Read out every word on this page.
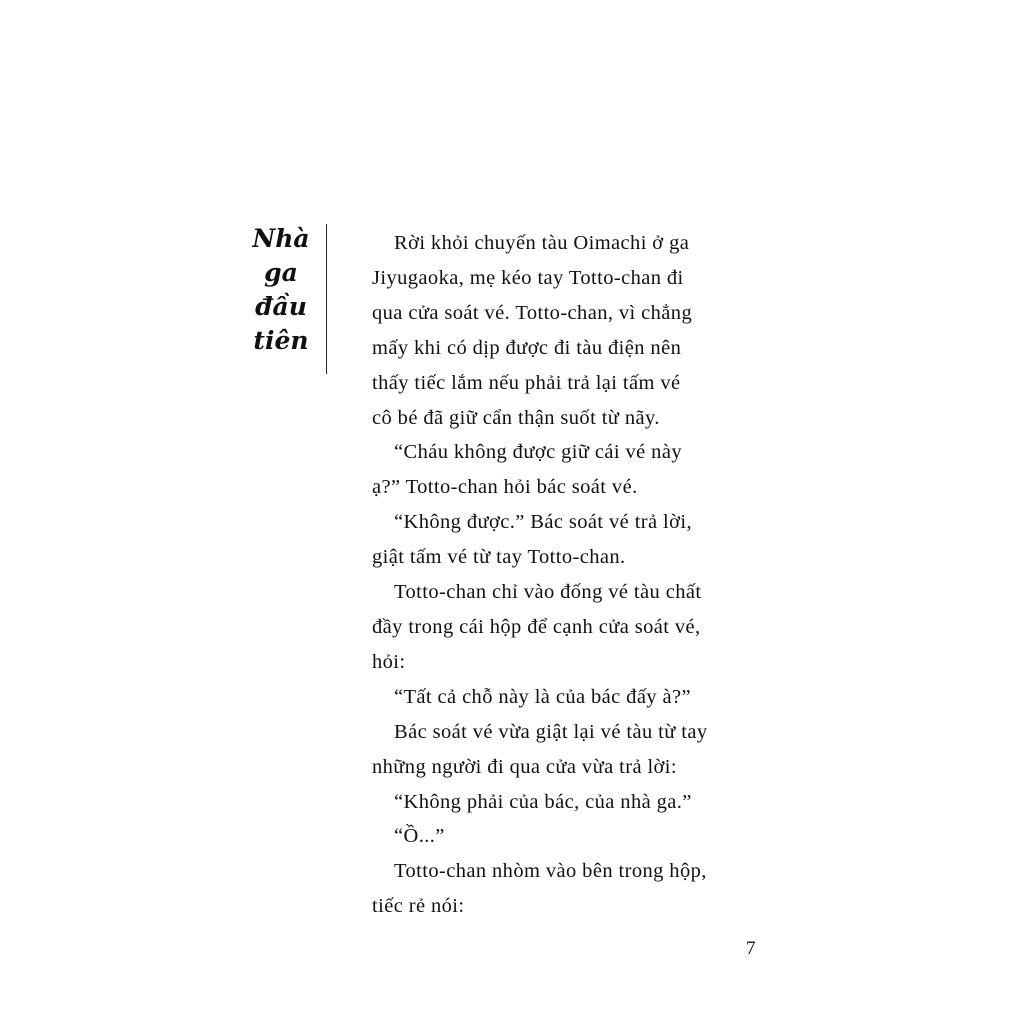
Nhà
ga
đầu
tiên
Rời khỏi chuyến tàu Oimachi ở ga
Jiyugaoka, mẹ kéo tay Totto-chan đi
qua cửa soát vé. Totto-chan, vì chẳng
mấy khi có dịp được đi tàu điện nên
thấy tiếc lắm nếu phải trả lại tấm vé
cô bé đã giữ cẩn thận suốt từ nãy.
“Cháu không được giữ cái vé này
ạ?” Totto-chan hỏi bác soát vé.
“Không được.” Bác soát vé trả lời,
giật tấm vé từ tay Totto-chan.
Totto-chan chỉ vào đống vé tàu chất
đầy trong cái hộp để cạnh cửa soát vé,
hỏi:
“Tất cả chỗ này là của bác đấy à?”
Bác soát vé vừa giật lại vé tàu từ tay
những người đi qua cửa vừa trả lời:
“Không phải của bác, của nhà ga.”
“Ồ...”
Totto-chan nhòm vào bên trong hộp,
tiếc rẻ nói:
7
